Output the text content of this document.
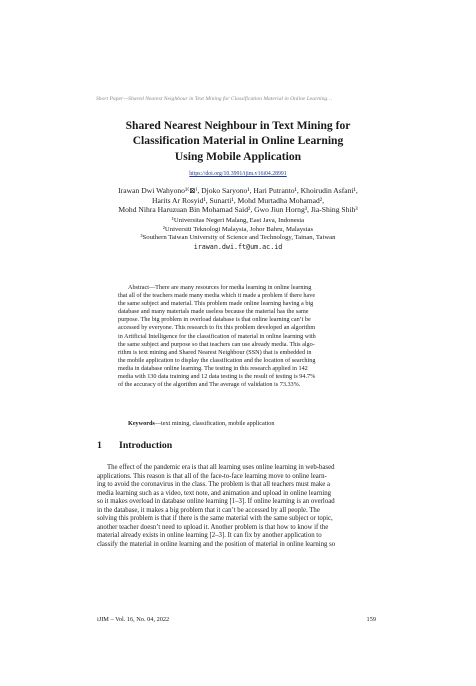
Short Paper—Shared Nearest Neighbour in Text Mining for Classification Material in Online Learning…
Shared Nearest Neighbour in Text Mining for
Classification Material in Online Learning
Using Mobile Application
https://doi.org/10.3991/ijim.v16i04.28991
Irawan Dwi Wahyono¹⁽⊠⁾, Djoko Saryono¹, Hari Putranto¹, Khoirudin Asfani¹,
Harits Ar Rosyid¹, Sunarti¹, Mohd Murtadha Mohamad²,
Mohd Nihra Haruzuan Bin Mohamad Said², Gwo Jiun Horng³, Jia-Shing Shih³
¹Universitas Negeri Malang, East Java, Indonesia
²Universiti Teknologi Malaysia, Johor Bahru, Malaysias
³Southern Taiwan University of Science and Technology, Tainan, Taiwan
irawan.dwi.ft@um.ac.id
Abstract—There are many resources for media learning in online learning
that all of the teachers made many media which it made a problem if there have
the same subject and material. This problem made online learning having a big
database and many materials made useless because the material has the same
purpose. The big problem in overload database is that online learning can’t be
accessed by everyone. This research to fix this problem developed an algorithm
in Artificial Intelligence for the classification of material in online learning with
the same subject and purpose so that teachers can use already media. This algo-
rithm is text mining and Shared Nearest Neighbour (SSN) that is embedded in
the mobile application to display the classification and the location of searching
media in database online learning. The testing in this research applied in 142
media with 130 data training and 12 data testing is the result of testing is 94.7%
of the accuracy of the algorithm and The average of validation is 73.33%.
Keywords—text mining, classification, mobile application
1 Introduction
The effect of the pandemic era is that all learning uses online learning in web-based
applications. This reason is that all of the face-to-face learning move to online learn-
ing to avoid the coronavirus in the class. The problem is that all teachers must make a
media learning such as a video, text note, and animation and upload in online learning
so it makes overload in database online learning [1–3]. If online learning is an overload
in the database, it makes a big problem that it can’t be accessed by all people. The
solving this problem is that if there is the same material with the same subject or topic,
another teacher doesn’t need to upload it. Another problem is that how to know if the
material already exists in online learning [2–3]. It can fix by another application to
classify the material in online learning and the position of material in online learning so
iJIM – Vol. 16, No. 04, 2022	159
